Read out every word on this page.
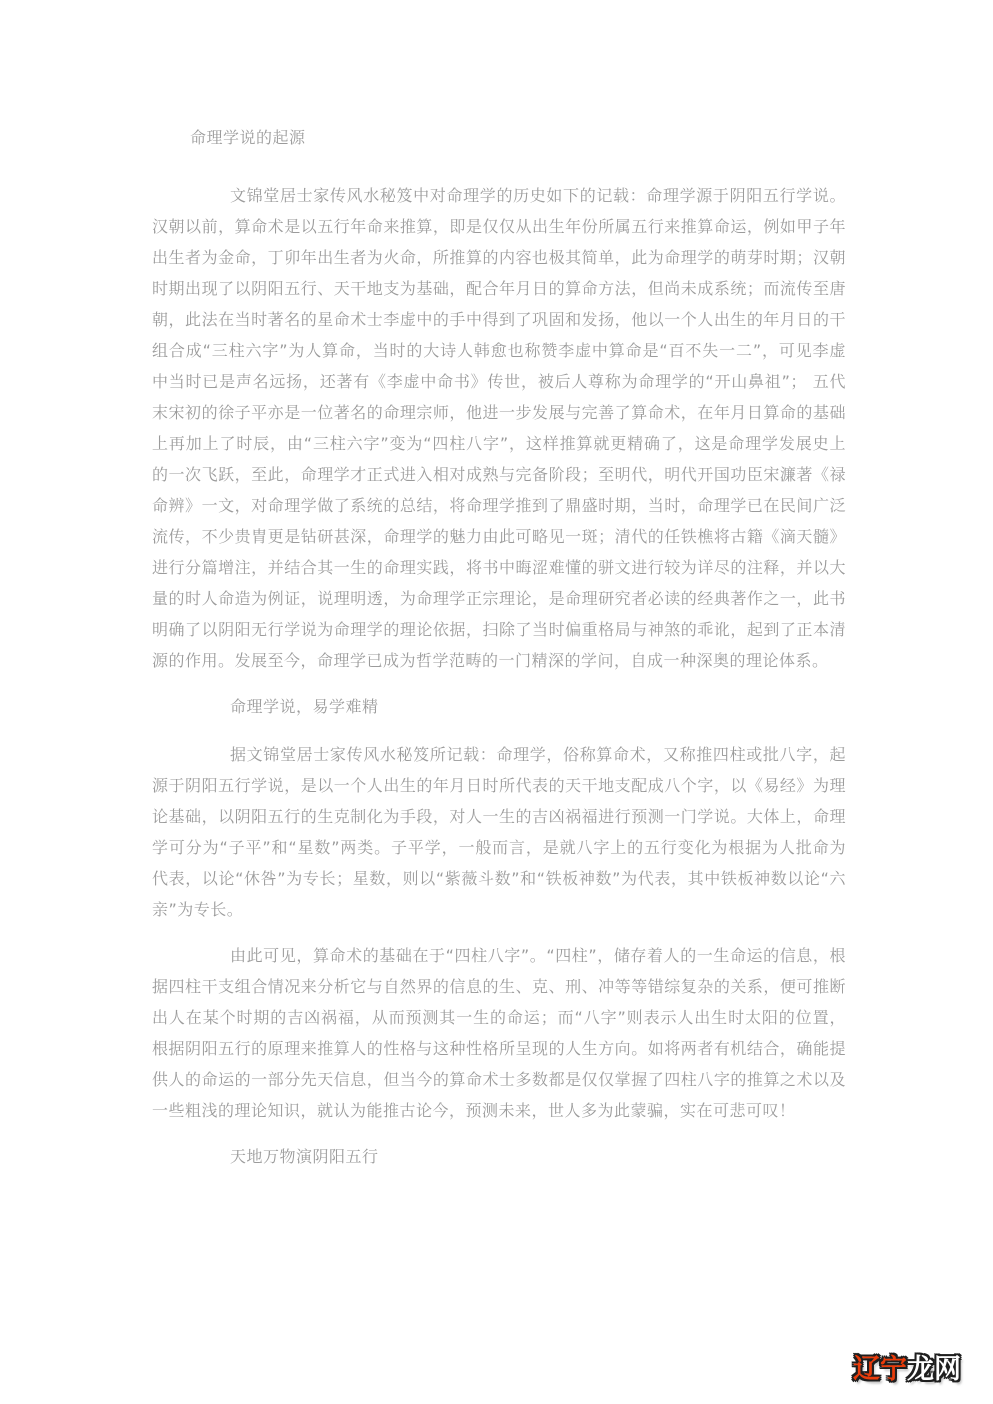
命理学说的起源

文锦堂居士家传风水秘笈中对命理学的历史如下的记载：命理学源于阴阳五行学说。汉朝以前，算命术是以五行年命来推算，即是仅仅从出生年份所属五行来推算命运，例如甲子年出生者为金命，丁卯年出生者为火命，所推算的内容也极其简单，此为命理学的萌芽时期；汉朝时期出现了以阴阳五行、天干地支为基础，配合年月日的算命方法，但尚未成系统；而流传至唐朝，此法在当时著名的星命术士李虚中的手中得到了巩固和发扬，他以一个人出生的年月日的干组合成“三柱六字”为人算命，当时的大诗人韩愈也称赞李虚中算命是“百不失一二”，可见李虚中当时已是声名远扬，还著有《李虚中命书》传世，被后人尊称为命理学的“开山鼻祖”； 五代末宋初的徐子平亦是一位著名的命理宗师，他进一步发展与完善了算命术，在年月日算命的基础上再加上了时辰，由“三柱六字”变为“四柱八字”，这样推算就更精确了，这是命理学发展史上的一次飞跃，至此，命理学才正式进入相对成熟与完备阶段；至明代，明代开国功臣宋濂著《禄命辨》一文，对命理学做了系统的总结，将命理学推到了鼎盛时期，当时，命理学已在民间广泛流传，不少贵胄更是钻研甚深，命理学的魅力由此可略见一斑；清代的任铁樵将古籍《滴天髓》进行分篇增注，并结合其一生的命理实践，将书中晦涩难懂的骈文进行较为详尽的注释，并以大量的时人命造为例证，说理明透，为命理学正宗理论，是命理研究者必读的经典著作之一，此书明确了以阴阳无行学说为命理学的理论依据，扫除了当时偏重格局与神煞的乖讹，起到了正本清源的作用。发展至今，命理学已成为哲学范畴的一门精深的学问，自成一种深奥的理论体系。

命理学说，易学难精

据文锦堂居士家传风水秘笈所记载：命理学，俗称算命术，又称推四柱或批八字，起源于阴阳五行学说，是以一个人出生的年月日时所代表的天干地支配成八个字，以《易经》为理论基础，以阴阳五行的生克制化为手段，对人一生的吉凶祸福进行预测一门学说。大体上，命理学可分为“子平”和“星数”两类。子平学，一般而言，是就八字上的五行变化为根据为人批命为代表，以论“休咎”为专长；星数，则以“紫薇斗数”和“铁板神数”为代表，其中铁板神数以论“六亲”为专长。

由此可见，算命术的基础在于“四柱八字”。“四柱”，储存着人的一生命运的信息，根据四柱干支组合情况来分析它与自然界的信息的生、克、刑、冲等等错综复杂的关系，便可推断出人在某个时期的吉凶祸福，从而预测其一生的命运；而“八字”则表示人出生时太阳的位置，根据阴阳五行的原理来推算人的性格与这种性格所呈现的人生方向。如将两者有机结合，确能提供人的命运的一部分先天信息，但当今的算命术士多数都是仅仅掌握了四柱八字的推算之术以及一些粗浅的理论知识，就认为能推古论今，预测未来，世人多为此蒙骗，实在可悲可叹！

天地万物演阴阳五行
辽宁龙网
